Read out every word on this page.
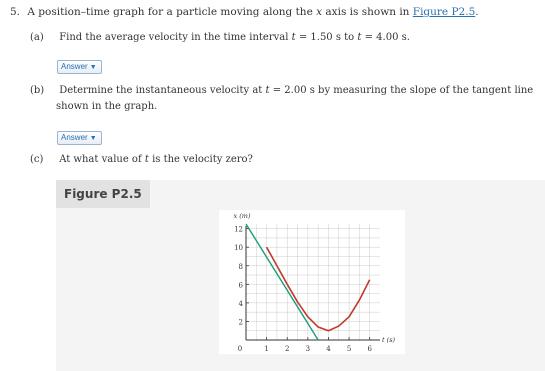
5. A position–time graph for a particle moving along the x axis is shown in Figure P2.5.
(a) Find the average velocity in the time interval t = 1.50 s to t = 4.00 s.
Answer ▼
(b) Determine the instantaneous velocity at t = 2.00 s by measuring the slope of the tangent line
shown in the graph.
Answer ▼
(c) At what value of t is the velocity zero?
Figure P2.5
12
10
8
6
4
2
1 2 3 4 5 6
0
x (m)
t (s)
